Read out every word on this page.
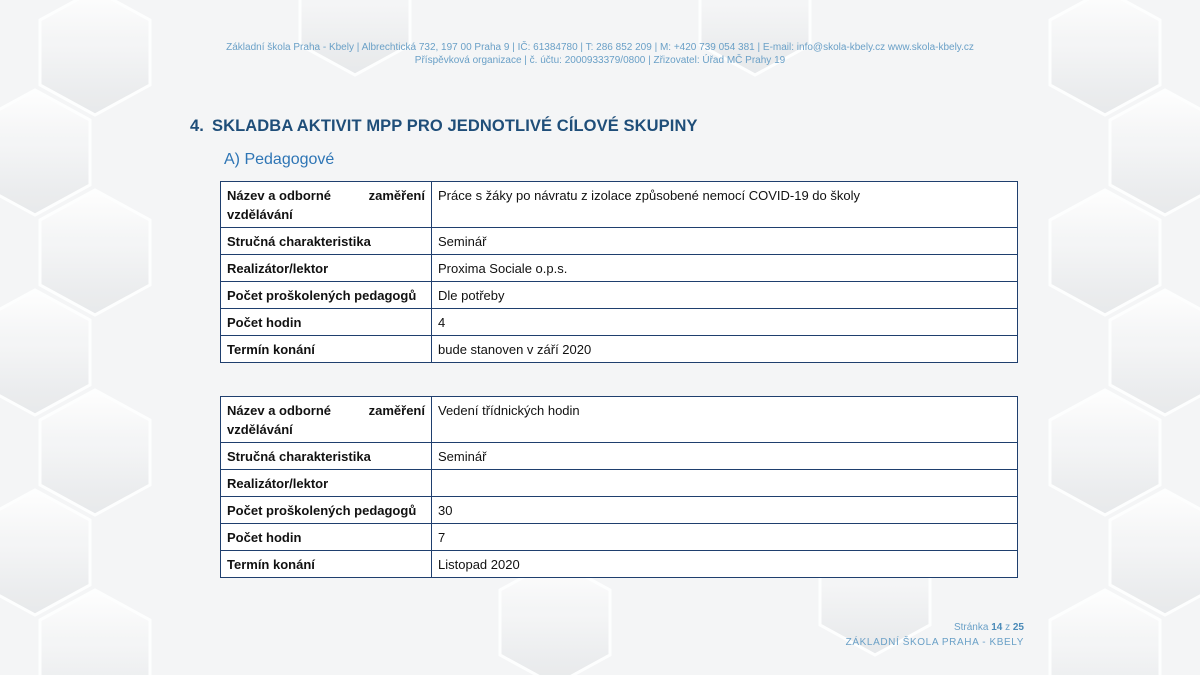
Základní škola Praha - Kbely | Albrechtická 732, 197 00 Praha 9 | IČ: 61384780 | T: 286 852 209 | M: +420 739 054 381 | E-mail: info@skola-kbely.cz www.skola-kbely.cz
Příspěvková organizace | č. účtu: 2000933379/0800 | Zřizovatel: Úřad MČ Prahy 19
4. SKLADBA AKTIVIT MPP PRO JEDNOTLIVÉ CÍLOVÉ SKUPINY
A) Pedagogové
Název a odborné zaměření
vzdělávání	Práce s žáky po návratu z izolace způsobené nemocí COVID-19 do školy
Stručná charakteristika	Seminář
Realizátor/lektor	Proxima Sociale o.p.s.
Počet proškolených pedagogů	Dle potřeby
Počet hodin	4
Termín konání	bude stanoven v září 2020
Název a odborné zaměření
vzdělávání	Vedení třídnických hodin
Stručná charakteristika	Seminář
Realizátor/lektor	
Počet proškolených pedagogů	30
Počet hodin	7
Termín konání	Listopad 2020
Stránka 14 z 25
ZÁKLADNÍ ŠKOLA PRAHA - KBELY
